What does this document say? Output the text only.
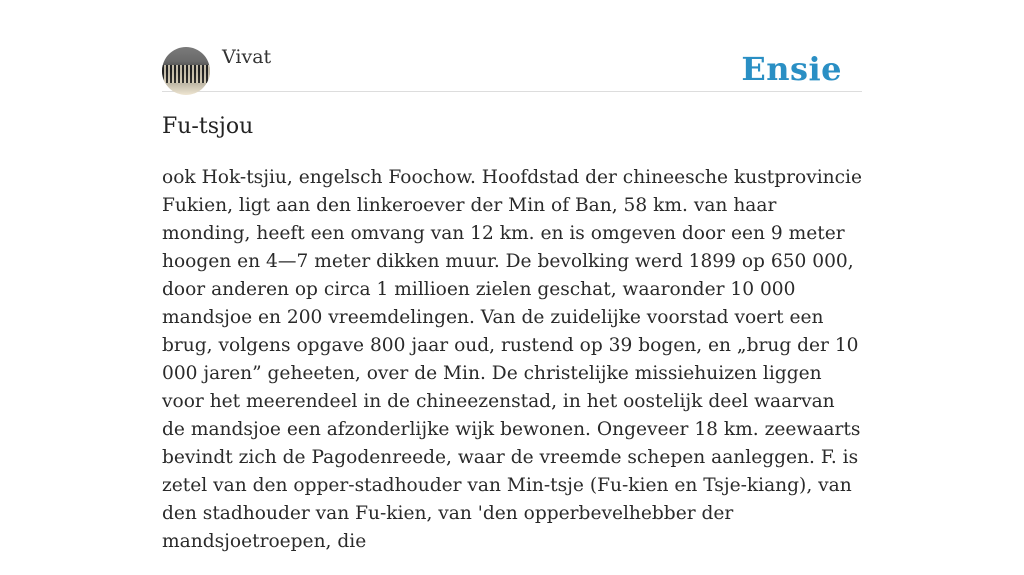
Vivat	Ensie
Fu-tsjou

ook Hok-tsjiu, engelsch Foochow. Hoofdstad der chineesche kustprovincie Fukien, ligt aan den linkeroever der Min of Ban, 58 km. van haar monding, heeft een omvang van 12 km. en is omgeven door een 9 meter hoogen en 4—7 meter dikken muur. De bevolking werd 1899 op 650 000, door anderen op circa 1 millioen zielen geschat, waaronder 10 000 mandsjoe en 200 vreemdelingen. Van de zuidelijke voorstad voert een brug, volgens opgave 800 jaar oud, rustend op 39 bogen, en „brug der 10 000 jaren” geheeten, over de Min. De christelijke missiehuizen liggen voor het meerendeel in de chineezenstad, in het oostelijk deel waarvan de mandsjoe een afzonderlijke wijk bewonen. Ongeveer 18 km. zeewaarts bevindt zich de Pagodenreede, waar de vreemde schepen aanleggen. F. is zetel van den opper-stadhouder van Min-tsje (Fu-kien en Tsje-kiang), van den stadhouder van Fu-kien, van 'den opperbevelhebber der mandsjoetroepen, die
